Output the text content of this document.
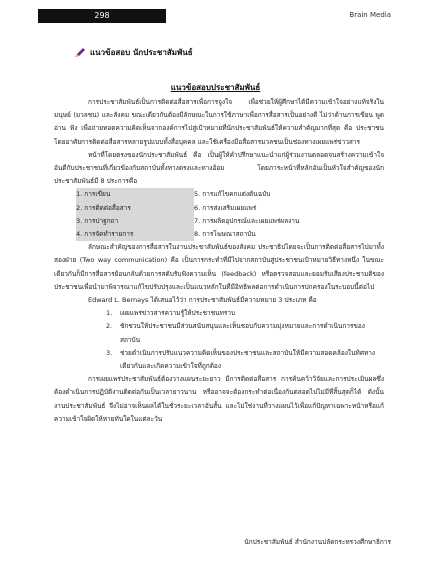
298	Brain Media
แนวข้อสอบ นักประชาสัมพันธ์
แนวข้อสอบประชาสัมพันธ์

การประชาสัมพันธ์เป็นการติดต่อสื่อสารเพื่อการจูงใจ เพื่อช่วยให้ผู้ศึกษาได้มีความเข้าใจอย่างแท้จริงในมนุษย์ (มวลชน) และสังคม ขณะเดียวกันต้องมีลักษณะในการใช้ภาษาเพื่อการสื่อสารเป็นอย่างดี ไม่ว่าด้านการเขียน พูด อ่าน ฟัง เพื่อถ่ายทอดความคิดเห็นจากองค์การไปสู่เป้าหมายที่นักประชาสัมพันธ์ให้ความสำคัญมากที่สุด คือ ประชาชนโดยอาศัยการติดต่อสื่อสารหลายรูปแบบทั้งสื่อบุคคล และใช้เครื่องมือสื่อสารมวลชนเป็นช่องทางเผยแพร่ข่าวสาร

หน้าที่โดยตรงของนักประชาสัมพันธ์ คือ เป็นผู้ให้คำปรึกษาแนะนำแก่ผู้ร่วมงานตลอดจนสร้างความเข้าใจอันดีกับประชาชนที่เกี่ยวข้องกับสถาบันทั้งทางตรงและทางอ้อม โดยภาระหน้าที่หลักอันเป็นหัวใจสำคัญของนักประชาสัมพันธ์มี 8 ประการคือ

1. การเขียน	5. การแก้ไขคกแต่งต้นฉบับ
2. การติดต่อสื่อสาร	6. การส่งเสริมเผยแพร่
3. การปาฐกถา	7. การผลิตอุปกรณ์และเผยแพร่ผลงาน
4. การจัดทำรายการ	8. การโฆษณาสถาบัน

ลักษณะสำคัญของการสื่อสารในงานประชาสัมพันธ์ของสังคม ประชาธิปไตยจะเป็นการติดต่อสื่อสารไปมาทั้งสองฝ่าย (Two way communication) คือ เป็นการกระทำที่มีไปจากสถาบันสู่ประชาชนเป้าหมายวิธีทางหนึ่ง ในขณะเดียวกันก็มีการสื่อสารย้อนกลับด้วยการสดับรับฟังความเห็น (feedback) หรือตรวจสอบและยอมรับเสียงประชามติของประชาชนเพื่อนำมาพิจารณาแก้ไขปรับปรุงและเป็นแนวหลักในที่มีอิทธิพลต่อการดำเนินการปกครองในระบอบนี้ต่อไป

Edward L. Bernays ได้เสนอไว้ว่า การประชาสัมพันธ์มีความหมาย 3 ประเภท คือ

1.	เผยแพร่ข่าวสารความรู้ให้ประชาชนทราบ
2.	ชักชวนให้ประชาชนมีส่วนสนับสนุนและเห็นชอบกับความมุ่งหมายและการดำเนินการของสถาบัน
3.	ช่วยดำเนินการปรับแนวความคิดเห็นของประชาชนและสถาบันให้มีความสอดคล้องในทิศทางเดียวกันและเกิดความเข้าใจที่ถูกต้อง

การเผยแพร่ประชาสัมพันธ์ต้องวางแผนระยะยาว มีการติดต่อสื่อสาร การค้นคว้าวิจัยและการประเมินผลซึ่งต้องดำเนินการปฏิบัติงานติดต่อกันเป็นเวลายาวนาน หรืออาจจะต้องกระทำต่อเนื่องกันตลอดไปไม่มีที่สิ้นสุดก็ได้ ดังนั้นงานประชาสัมพันธ์ จึงไม่อาจเห็นผลได้ในชั่วระยะเวลาอันสั้น และไม่ใช่งานที่วางแผนไว้เพื่อแก้ปัญหาเฉพาะหน้าหรือแก้ความเข้าใจผิดให้หายทันใดในแต่ละวัน

นักประชาสัมพันธ์ สำนักงานปลัดกระทรวงศึกษาธิการ
